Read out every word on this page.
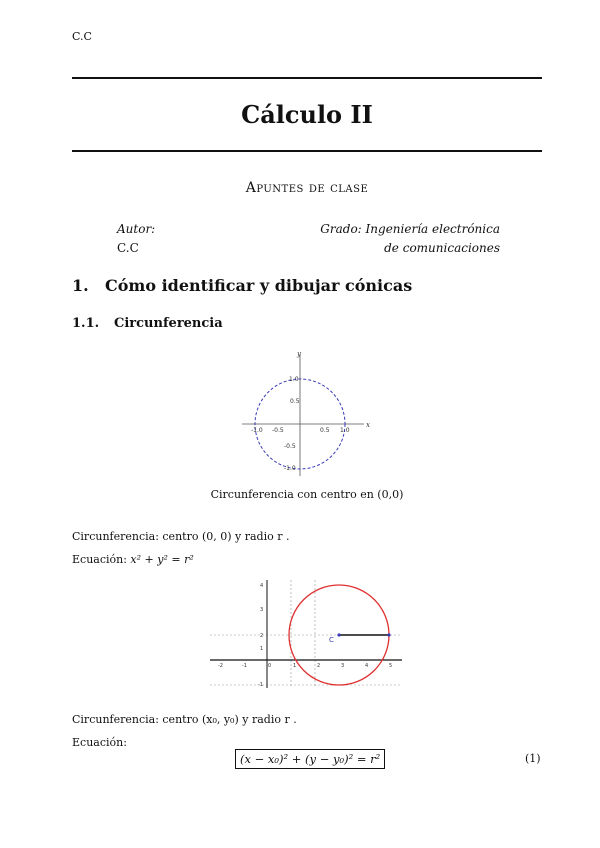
C.C
Cálculo II
Apuntes de clase
Autor:
C.C
Grado: Ingeniería electrónica
de comunicaciones
1. Cómo identificar y dibujar cónicas
1.1. Circunferencia
x
y
-1.0 -0.5	0.5 1.0
1.0
0.5
-0.5
-1.0
Circunferencia con centro en (0,0)
Circunferencia: centro (0, 0) y radio r .
Ecuación: x² + y² = r²
C
-2	-1	0	1	2	3	4	5
4
3
2
1
-1
Circunferencia: centro (x₀, y₀) y radio r .
Ecuación:
(x − x₀)² + (y − y₀)² = r²	(1)
